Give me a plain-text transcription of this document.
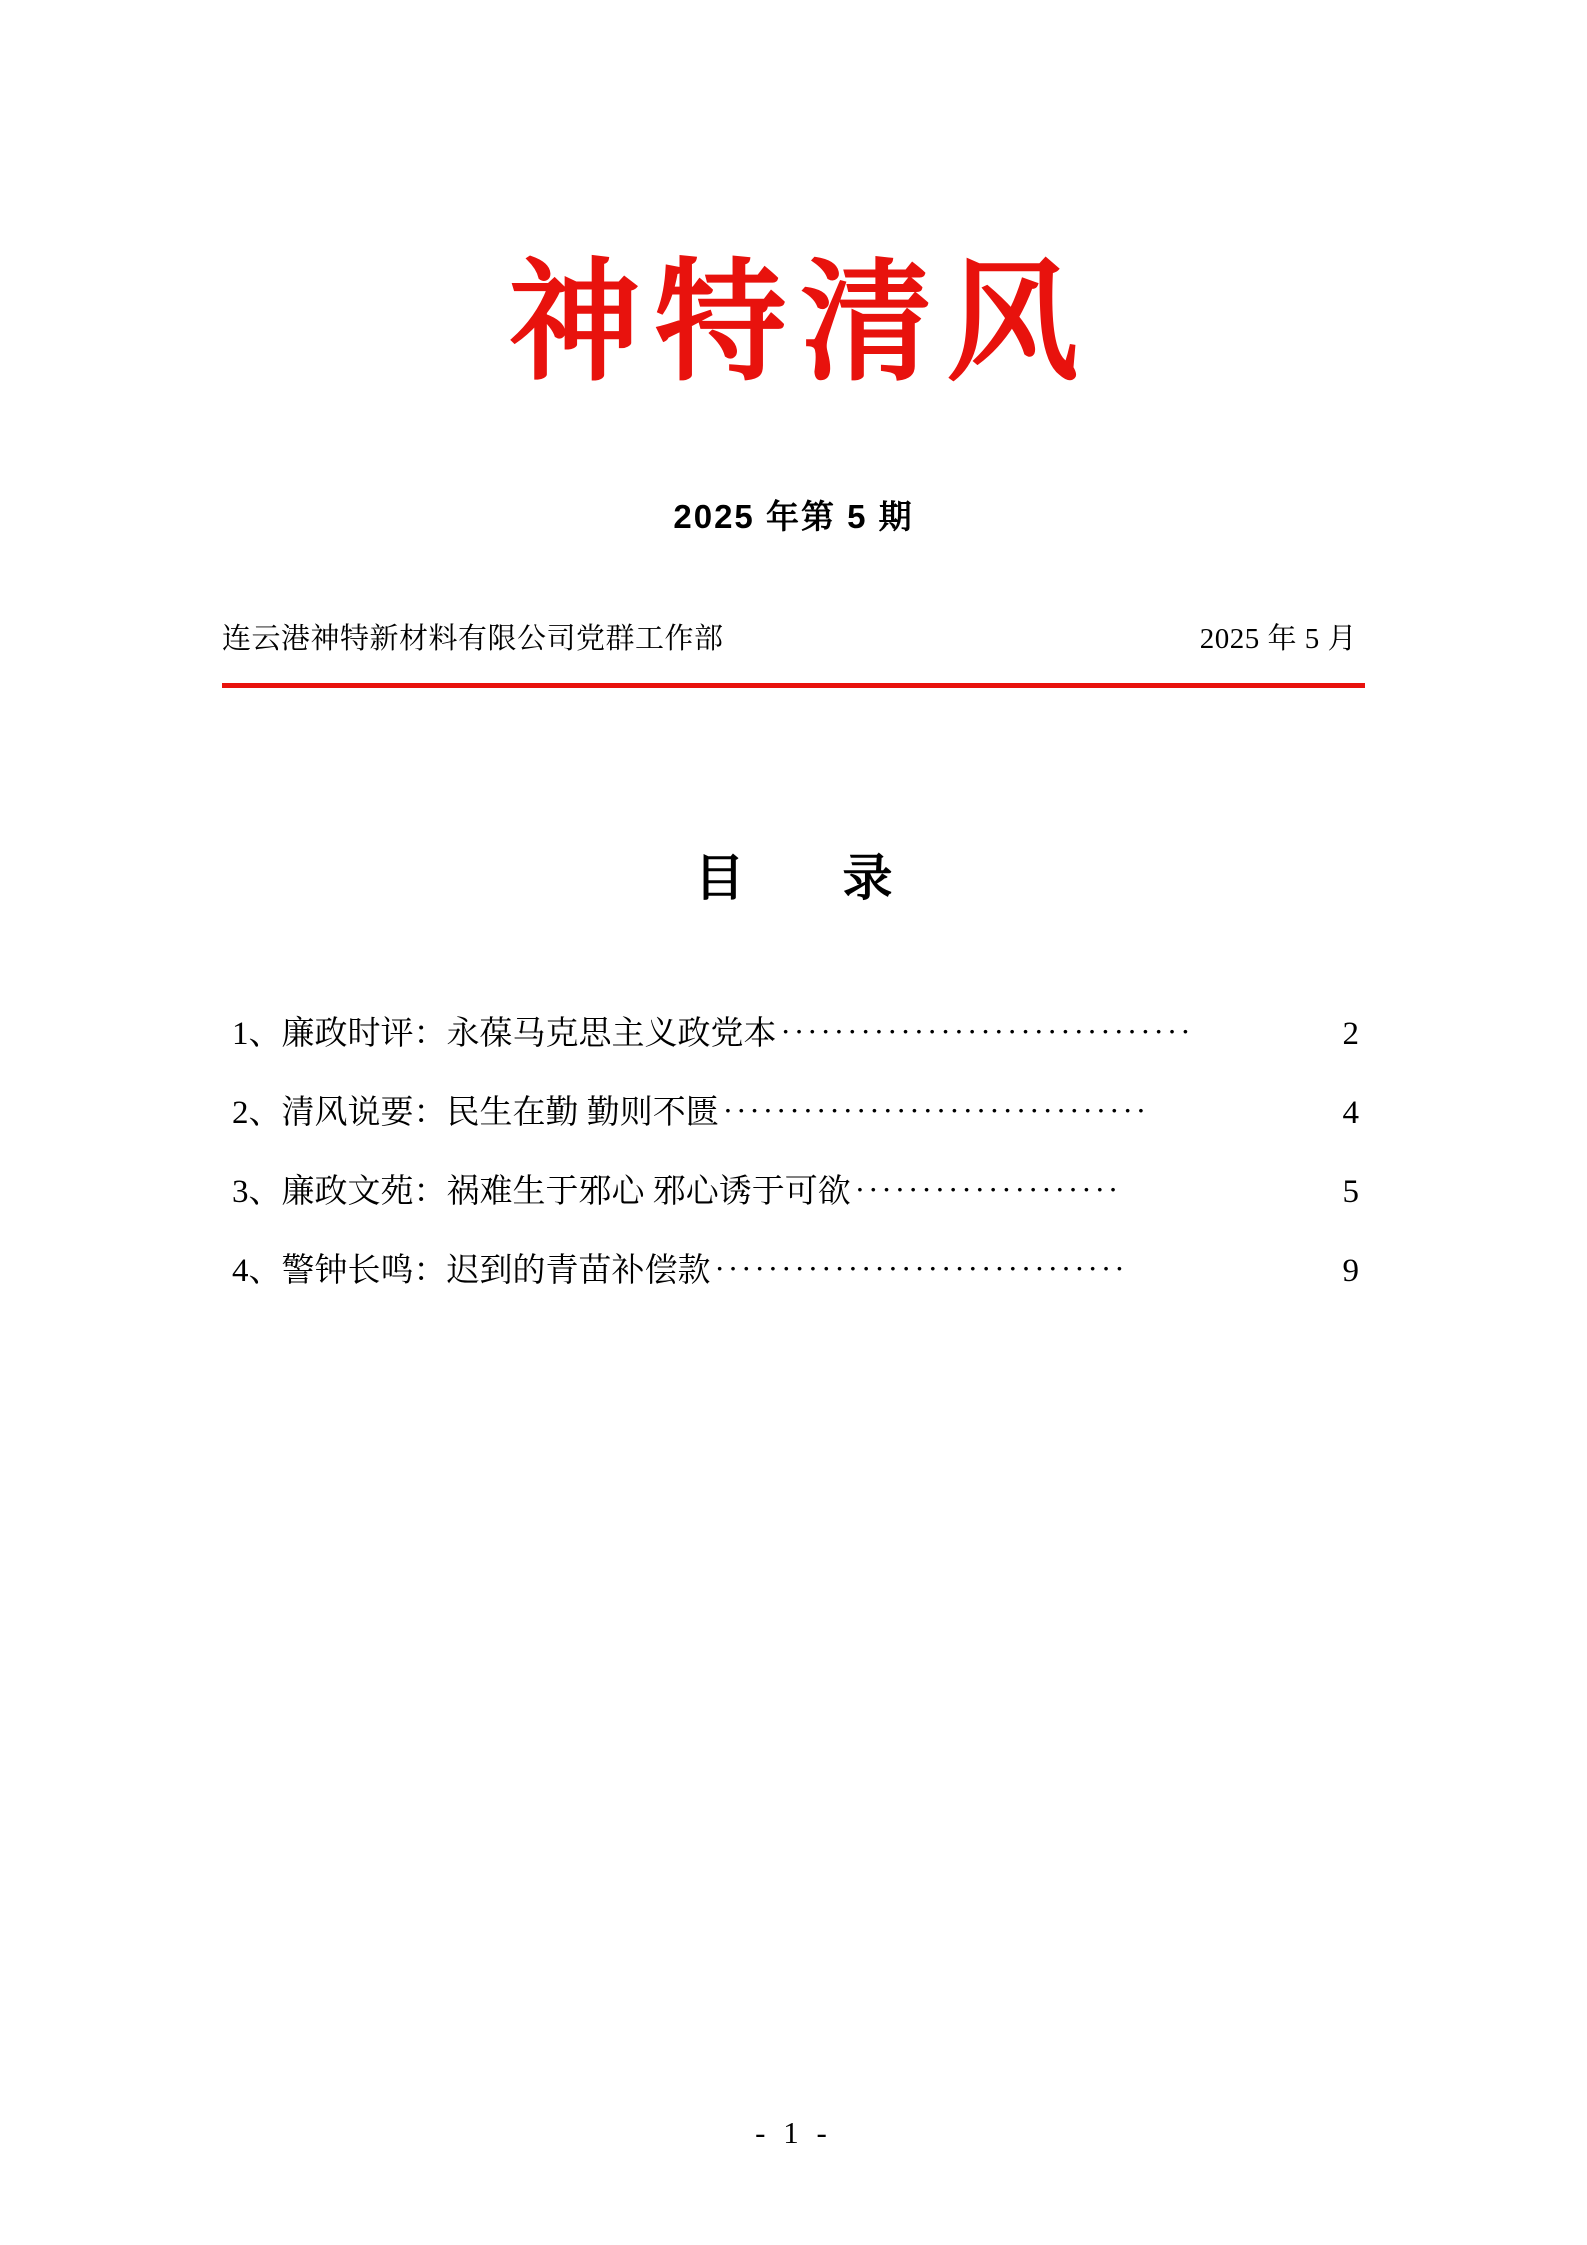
神特清风
2025 年第 5 期
连云港神特新材料有限公司党群工作部	2025 年 5 月
目　录
1、廉政时评：永葆马克思主义政党本 ·······························	2
2、清风说要：民生在勤 勤则不匮 ································	4
3、廉政文苑：祸难生于邪心 邪心诱于可欲 ····················	5
4、警钟长鸣：迟到的青苗补偿款 ·······························	9
- 1 -
